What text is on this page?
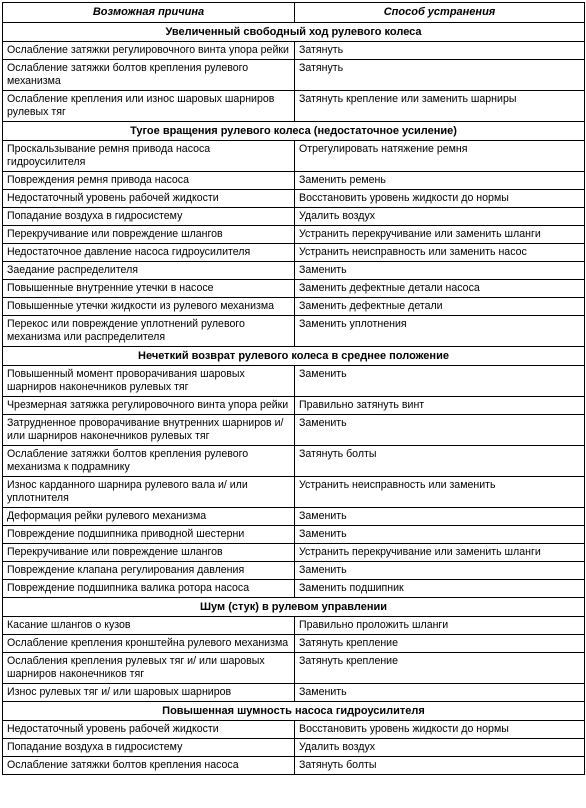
Возможная причина	Способ устранения
Увеличенный свободный ход рулевого колеса	
Ослабление затяжки регулировочного винта упора рейки	Затянуть
Ослабление затяжки болтов крепления рулевого механизма	Затянуть
Ослабление крепления или износ шаровых шарниров рулевых тяг	Затянуть крепление или заменить шарниры
Тугое вращения рулевого колеса (недостаточное усиление)	
Проскальзывание ремня привода насоса гидроусилителя	Отрегулировать натяжение ремня
Повреждения ремня привода насоса	Заменить ремень
Недостаточный уровень рабочей жидкости	Восстановить уровень жидкости до нормы
Попадание воздуха в гидросистему	Удалить воздух
Перекручивание или повреждение шлангов	Устранить перекручивание или заменить шланги
Недостаточное давление насоса гидроусилителя	Устранить неисправность или заменить насос
Заедание распределителя	Заменить
Повышенные внутренние утечки в насосе	Заменить дефектные детали насоса
Повышенные утечки жидкости из рулевого механизма	Заменить дефектные детали
Перекос или повреждение уплотнений рулевого механизма или распределителя	Заменить уплотнения
Нечеткий возврат рулевого колеса в среднее положение	
Повышенный момент проворачивания шаровых шарниров наконечников рулевых тяг	Заменить
Чрезмерная затяжка регулировочного винта упора рейки	Правильно затянуть винт
Затрудненное проворачивание внутренних шарниров и/ или шарниров наконечников рулевых тяг	Заменить
Ослабление затяжки болтов крепления рулевого механизма к подрамнику	Затянуть болты
Износ карданного шарнира рулевого вала и/ или уплотнителя	Устранить неисправность или заменить
Деформация рейки рулевого механизма	Заменить
Повреждение подшипника приводной шестерни	Заменить
Перекручивание или повреждение шлангов	Устранить перекручивание или заменить шланги
Повреждение клапана регулирования давления	Заменить
Повреждение подшипника валика ротора насоса	Заменить подшипник
Шум (стук) в рулевом управлении	
Касание шлангов о кузов	Правильно проложить шланги
Ослабление крепления кронштейна рулевого механизма	Затянуть крепление
Ослабления крепления рулевых тяг и/ или шаровых шарниров наконечников тяг	Затянуть крепление
Износ рулевых тяг и/ или шаровых шарниров	Заменить
Повышенная шумность насоса гидроусилителя	
Недостаточный уровень рабочей жидкости	Восстановить уровень жидкости до нормы
Попадание воздуха в гидросистему	Удалить воздух
Ослабление затяжки болтов крепления насоса	Затянуть болты
